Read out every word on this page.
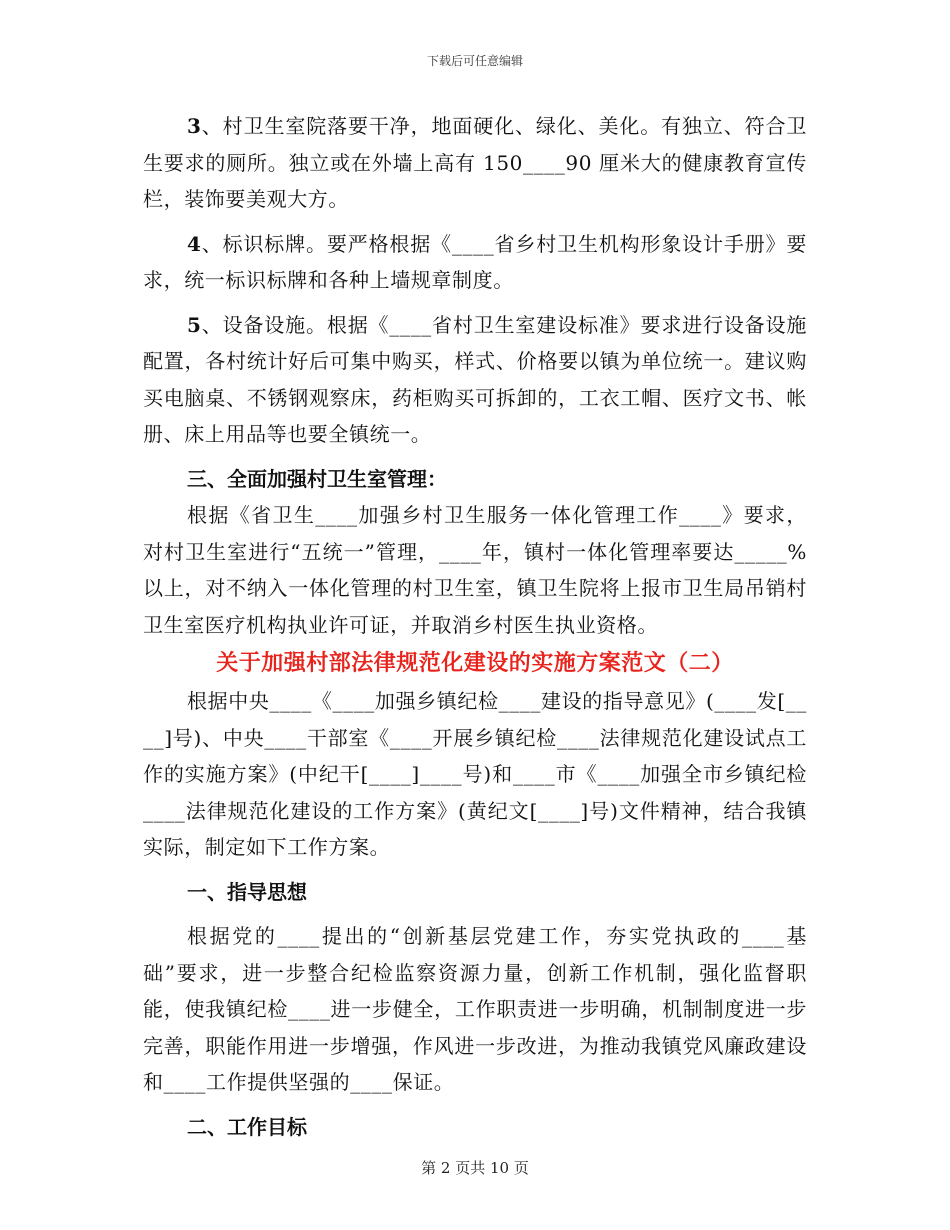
下载后可任意编辑

3、村卫生室院落要干净，地面硬化、绿化、美化。有独立、符合卫生要求的厕所。独立或在外墙上高有 150____90 厘米大的健康教育宣传栏，装饰要美观大方。

4、标识标牌。要严格根据《____省乡村卫生机构形象设计手册》要求，统一标识标牌和各种上墙规章制度。

5、设备设施。根据《____省村卫生室建设标准》要求进行设备设施配置，各村统计好后可集中购买，样式、价格要以镇为单位统一。建议购买电脑桌、不锈钢观察床，药柜购买可拆卸的，工衣工帽、医疗文书、帐册、床上用品等也要全镇统一。

三、全面加强村卫生室管理：

根据《省卫生____加强乡村卫生服务一体化管理工作____》要求，对村卫生室进行“五统一”管理，____年，镇村一体化管理率要达_____%以上，对不纳入一体化管理的村卫生室，镇卫生院将上报市卫生局吊销村卫生室医疗机构执业许可证，并取消乡村医生执业资格。

关于加强村部法律规范化建设的实施方案范文（二）

根据中央____《____加强乡镇纪检____建设的指导意见》(____发[____]号)、中央____干部室《____开展乡镇纪检____法律规范化建设试点工作的实施方案》(中纪干[____]____号)和____市《____加强全市乡镇纪检____法律规范化建设的工作方案》(黄纪文[____]号)文件精神，结合我镇实际，制定如下工作方案。

一、指导思想

根据党的____提出的“创新基层党建工作，夯实党执政的____基础”要求，进一步整合纪检监察资源力量，创新工作机制，强化监督职能，使我镇纪检____进一步健全，工作职责进一步明确，机制制度进一步完善，职能作用进一步增强，作风进一步改进，为推动我镇党风廉政建设和____工作提供坚强的____保证。

二、工作目标

第 2 页共 10 页
